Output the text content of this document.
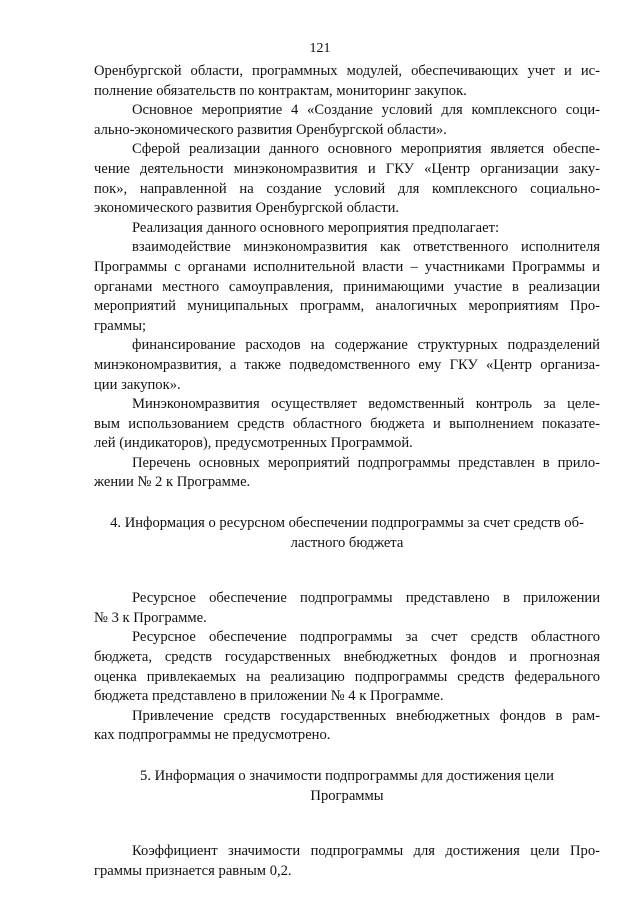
121
Оренбургской области, программных модулей, обеспечивающих учет и ис-
полнение обязательств по контрактам, мониторинг закупок.
Основное мероприятие 4 «Создание условий для комплексного соци-
ально-экономического развития Оренбургской области».
Сферой реализации данного основного мероприятия является обеспе-
чение деятельности минэкономразвития и ГКУ «Центр организации заку-
пок», направленной на создание условий для комплексного социально-
экономического развития Оренбургской области.
Реализация данного основного мероприятия предполагает:
взаимодействие минэкономразвития как ответственного исполнителя
Программы с органами исполнительной власти – участниками Программы и
органами местного самоуправления, принимающими участие в реализации
мероприятий муниципальных программ, аналогичных мероприятиям Про-
граммы;
финансирование расходов на содержание структурных подразделений
минэкономразвития, а также подведомственного ему ГКУ «Центр организа-
ции закупок».
Минэкономразвития осуществляет ведомственный контроль за целе-
вым использованием средств областного бюджета и выполнением показате-
лей (индикаторов), предусмотренных Программой.
Перечень основных мероприятий подпрограммы представлен в прило-
жении № 2 к Программе.
4. Информация о ресурсном обеспечении подпрограммы за счет средств об-
ластного бюджета
Ресурсное обеспечение подпрограммы представлено в приложении
№ 3 к Программе.
Ресурсное обеспечение подпрограммы за счет средств областного
бюджета, средств государственных внебюджетных фондов и прогнозная
оценка привлекаемых на реализацию подпрограммы средств федерального
бюджета представлено в приложении № 4 к Программе.
Привлечение средств государственных внебюджетных фондов в рам-
ках подпрограммы не предусмотрено.
5. Информация о значимости подпрограммы для достижения цели
Программы
Коэффициент значимости подпрограммы для достижения цели Про-
граммы признается равным 0,2.
